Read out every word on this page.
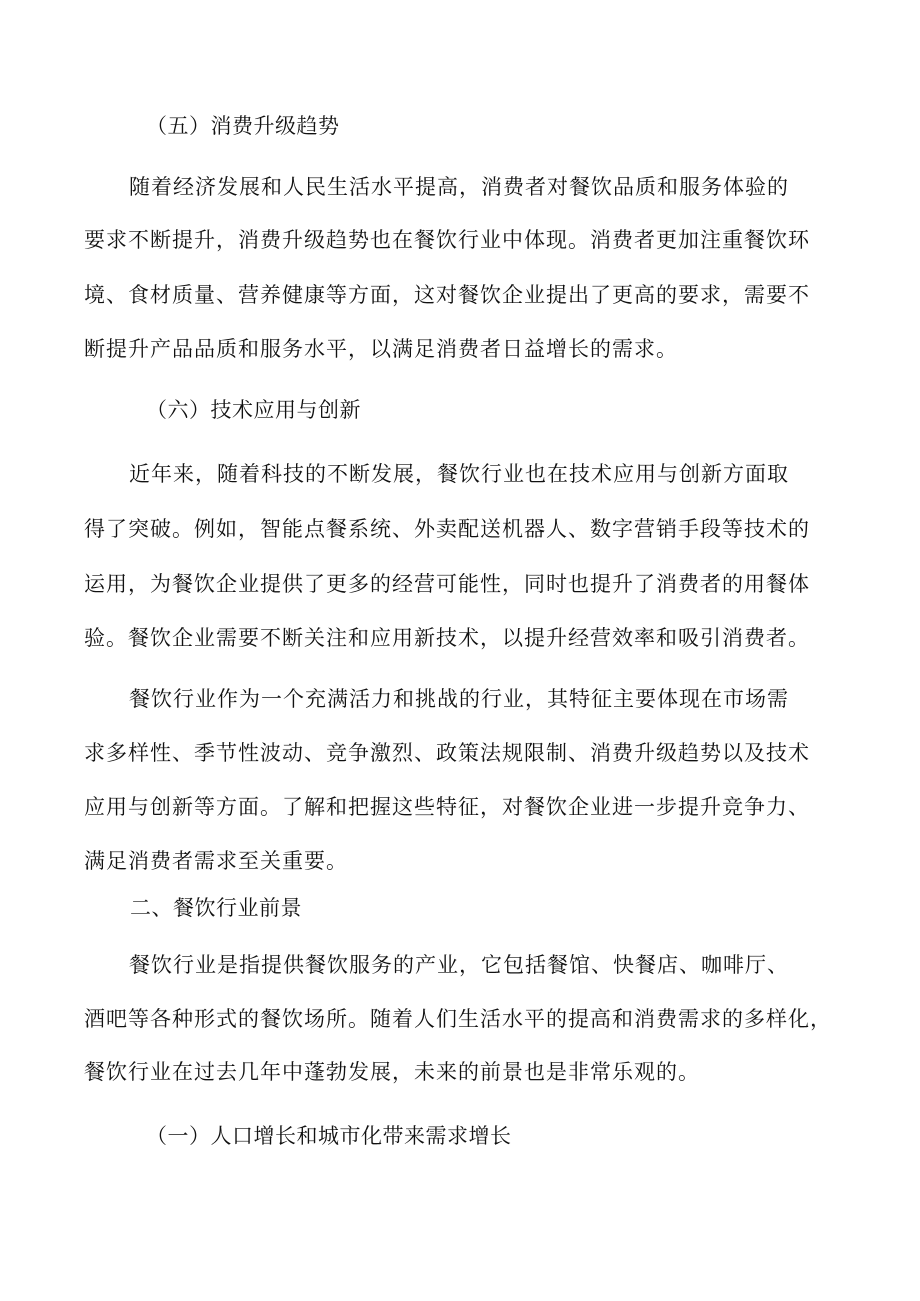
（五）消费升级趋势
随着经济发展和人民生活水平提高，消费者对餐饮品质和服务体验的
要求不断提升，消费升级趋势也在餐饮行业中体现。消费者更加注重餐饮环
境、食材质量、营养健康等方面，这对餐饮企业提出了更高的要求，需要不
断提升产品品质和服务水平，以满足消费者日益增长的需求。
（六）技术应用与创新
近年来，随着科技的不断发展，餐饮行业也在技术应用与创新方面取
得了突破。例如，智能点餐系统、外卖配送机器人、数字营销手段等技术的
运用，为餐饮企业提供了更多的经营可能性，同时也提升了消费者的用餐体
验。餐饮企业需要不断关注和应用新技术，以提升经营效率和吸引消费者。
餐饮行业作为一个充满活力和挑战的行业，其特征主要体现在市场需
求多样性、季节性波动、竞争激烈、政策法规限制、消费升级趋势以及技术
应用与创新等方面。了解和把握这些特征，对餐饮企业进一步提升竞争力、
满足消费者需求至关重要。
二、餐饮行业前景
餐饮行业是指提供餐饮服务的产业，它包括餐馆、快餐店、咖啡厅、
酒吧等各种形式的餐饮场所。随着人们生活水平的提高和消费需求的多样化，
餐饮行业在过去几年中蓬勃发展，未来的前景也是非常乐观的。
（一）人口增长和城市化带来需求增长
